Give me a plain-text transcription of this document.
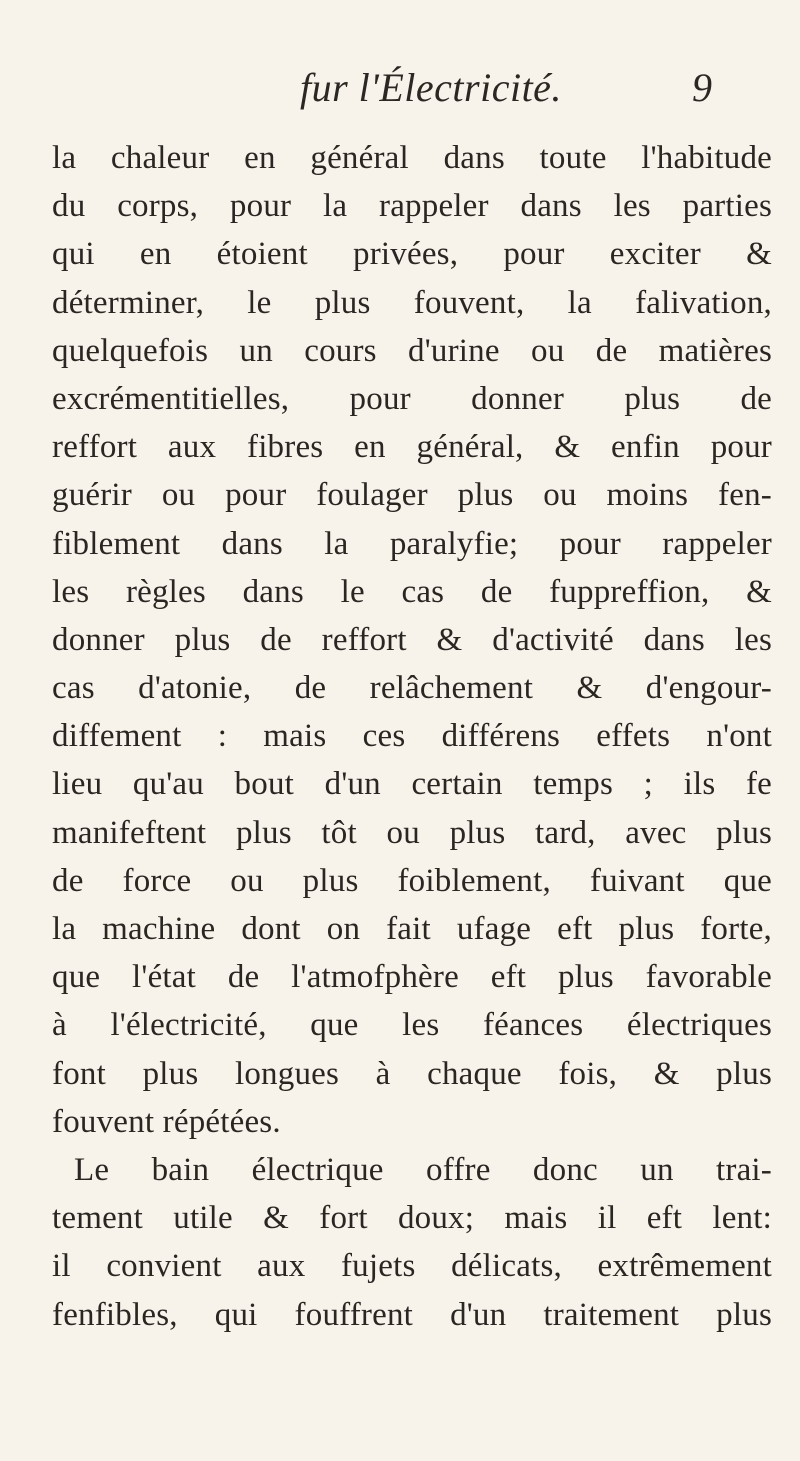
fur l'Électricité.	9
la chaleur en général dans toute l'habitude
du corps, pour la rappeler dans les parties
qui en étoient privées, pour exciter &
déterminer, le plus fouvent, la falivation,
quelquefois un cours d'urine ou de matières
excrémentitielles, pour donner plus de
reffort aux fibres en général, & enfin pour
guérir ou pour foulager plus ou moins fen-
fiblement dans la paralyfie; pour rappeler
les règles dans le cas de fuppreffion, &
donner plus de reffort & d'activité dans les
cas d'atonie, de relâchement & d'engour-
diffement : mais ces différens effets n'ont
lieu qu'au bout d'un certain temps ; ils fe
manifeftent plus tôt ou plus tard, avec plus
de force ou plus foiblement, fuivant que
la machine dont on fait ufage eft plus forte,
que l'état de l'atmofphère eft plus favorable
à l'électricité, que les féances électriques
font plus longues à chaque fois, & plus
fouvent répétées.
Le bain électrique offre donc un trai-
tement utile & fort doux; mais il eft lent:
il convient aux fujets délicats, extrêmement
fenfibles, qui fouffrent d'un traitement plus
